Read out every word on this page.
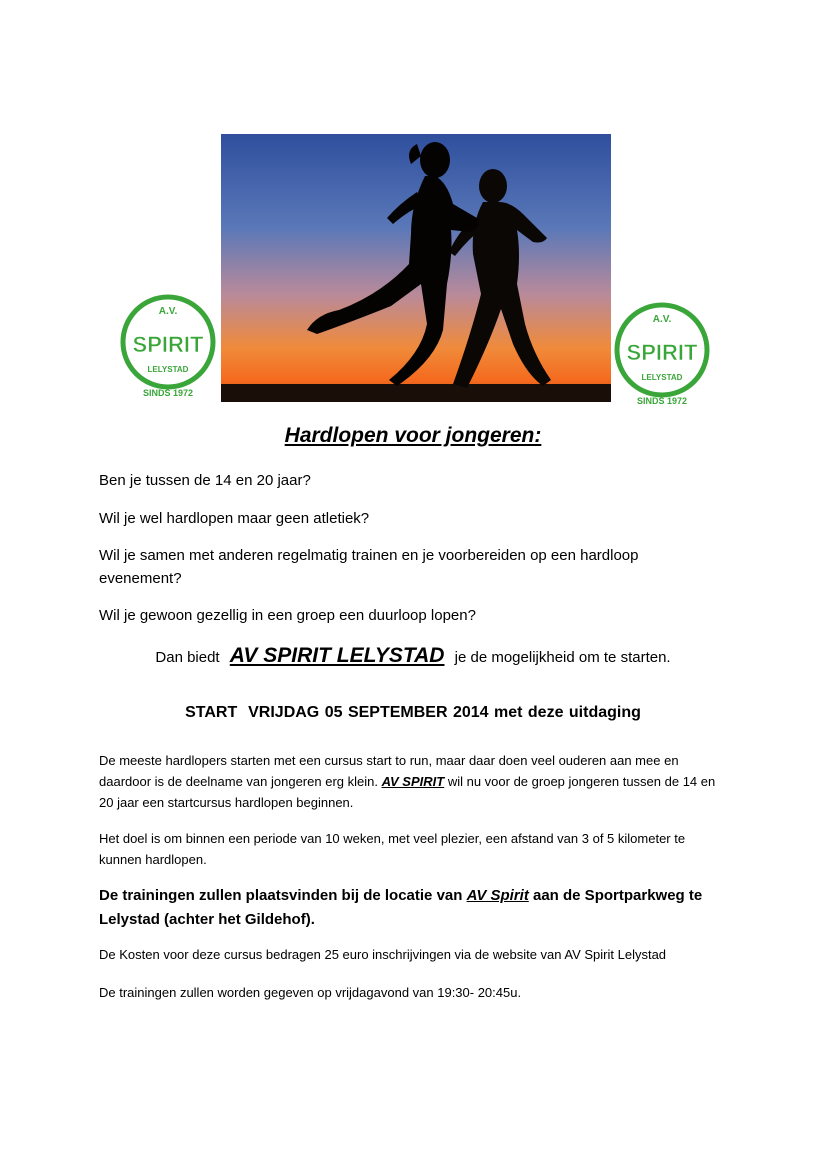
A.V.
SPIRIT
LELYSTAD
SINDS 1972
A.V.
SPIRIT
LELYSTAD
SINDS 1972
Hardlopen voor jongeren:
Ben je tussen de 14 en 20 jaar?
Wil je wel hardlopen maar geen atletiek?
Wil je samen met anderen regelmatig trainen en je voorbereiden op een hardloop evenement?
Wil je gewoon gezellig in een groep een duurloop lopen?
Dan biedt AV SPIRIT LELYSTAD je de mogelijkheid om te starten.
START  VRIJDAG 05 SEPTEMBER 2014 met deze uitdaging
De meeste hardlopers starten met een cursus start to run, maar daar doen veel ouderen aan mee en daardoor is de deelname van jongeren erg klein. AV SPIRIT wil nu voor de groep jongeren tussen de 14 en 20 jaar een startcursus hardlopen beginnen.
Het doel is om binnen een periode van 10 weken, met veel plezier, een afstand van 3 of 5 kilometer te kunnen hardlopen.
De trainingen zullen plaatsvinden bij de locatie van AV Spirit aan de Sportparkweg te Lelystad (achter het Gildehof).
De Kosten voor deze cursus bedragen 25 euro inschrijvingen via de website van AV Spirit Lelystad
De trainingen zullen worden gegeven op vrijdagavond van 19:30- 20:45u.
